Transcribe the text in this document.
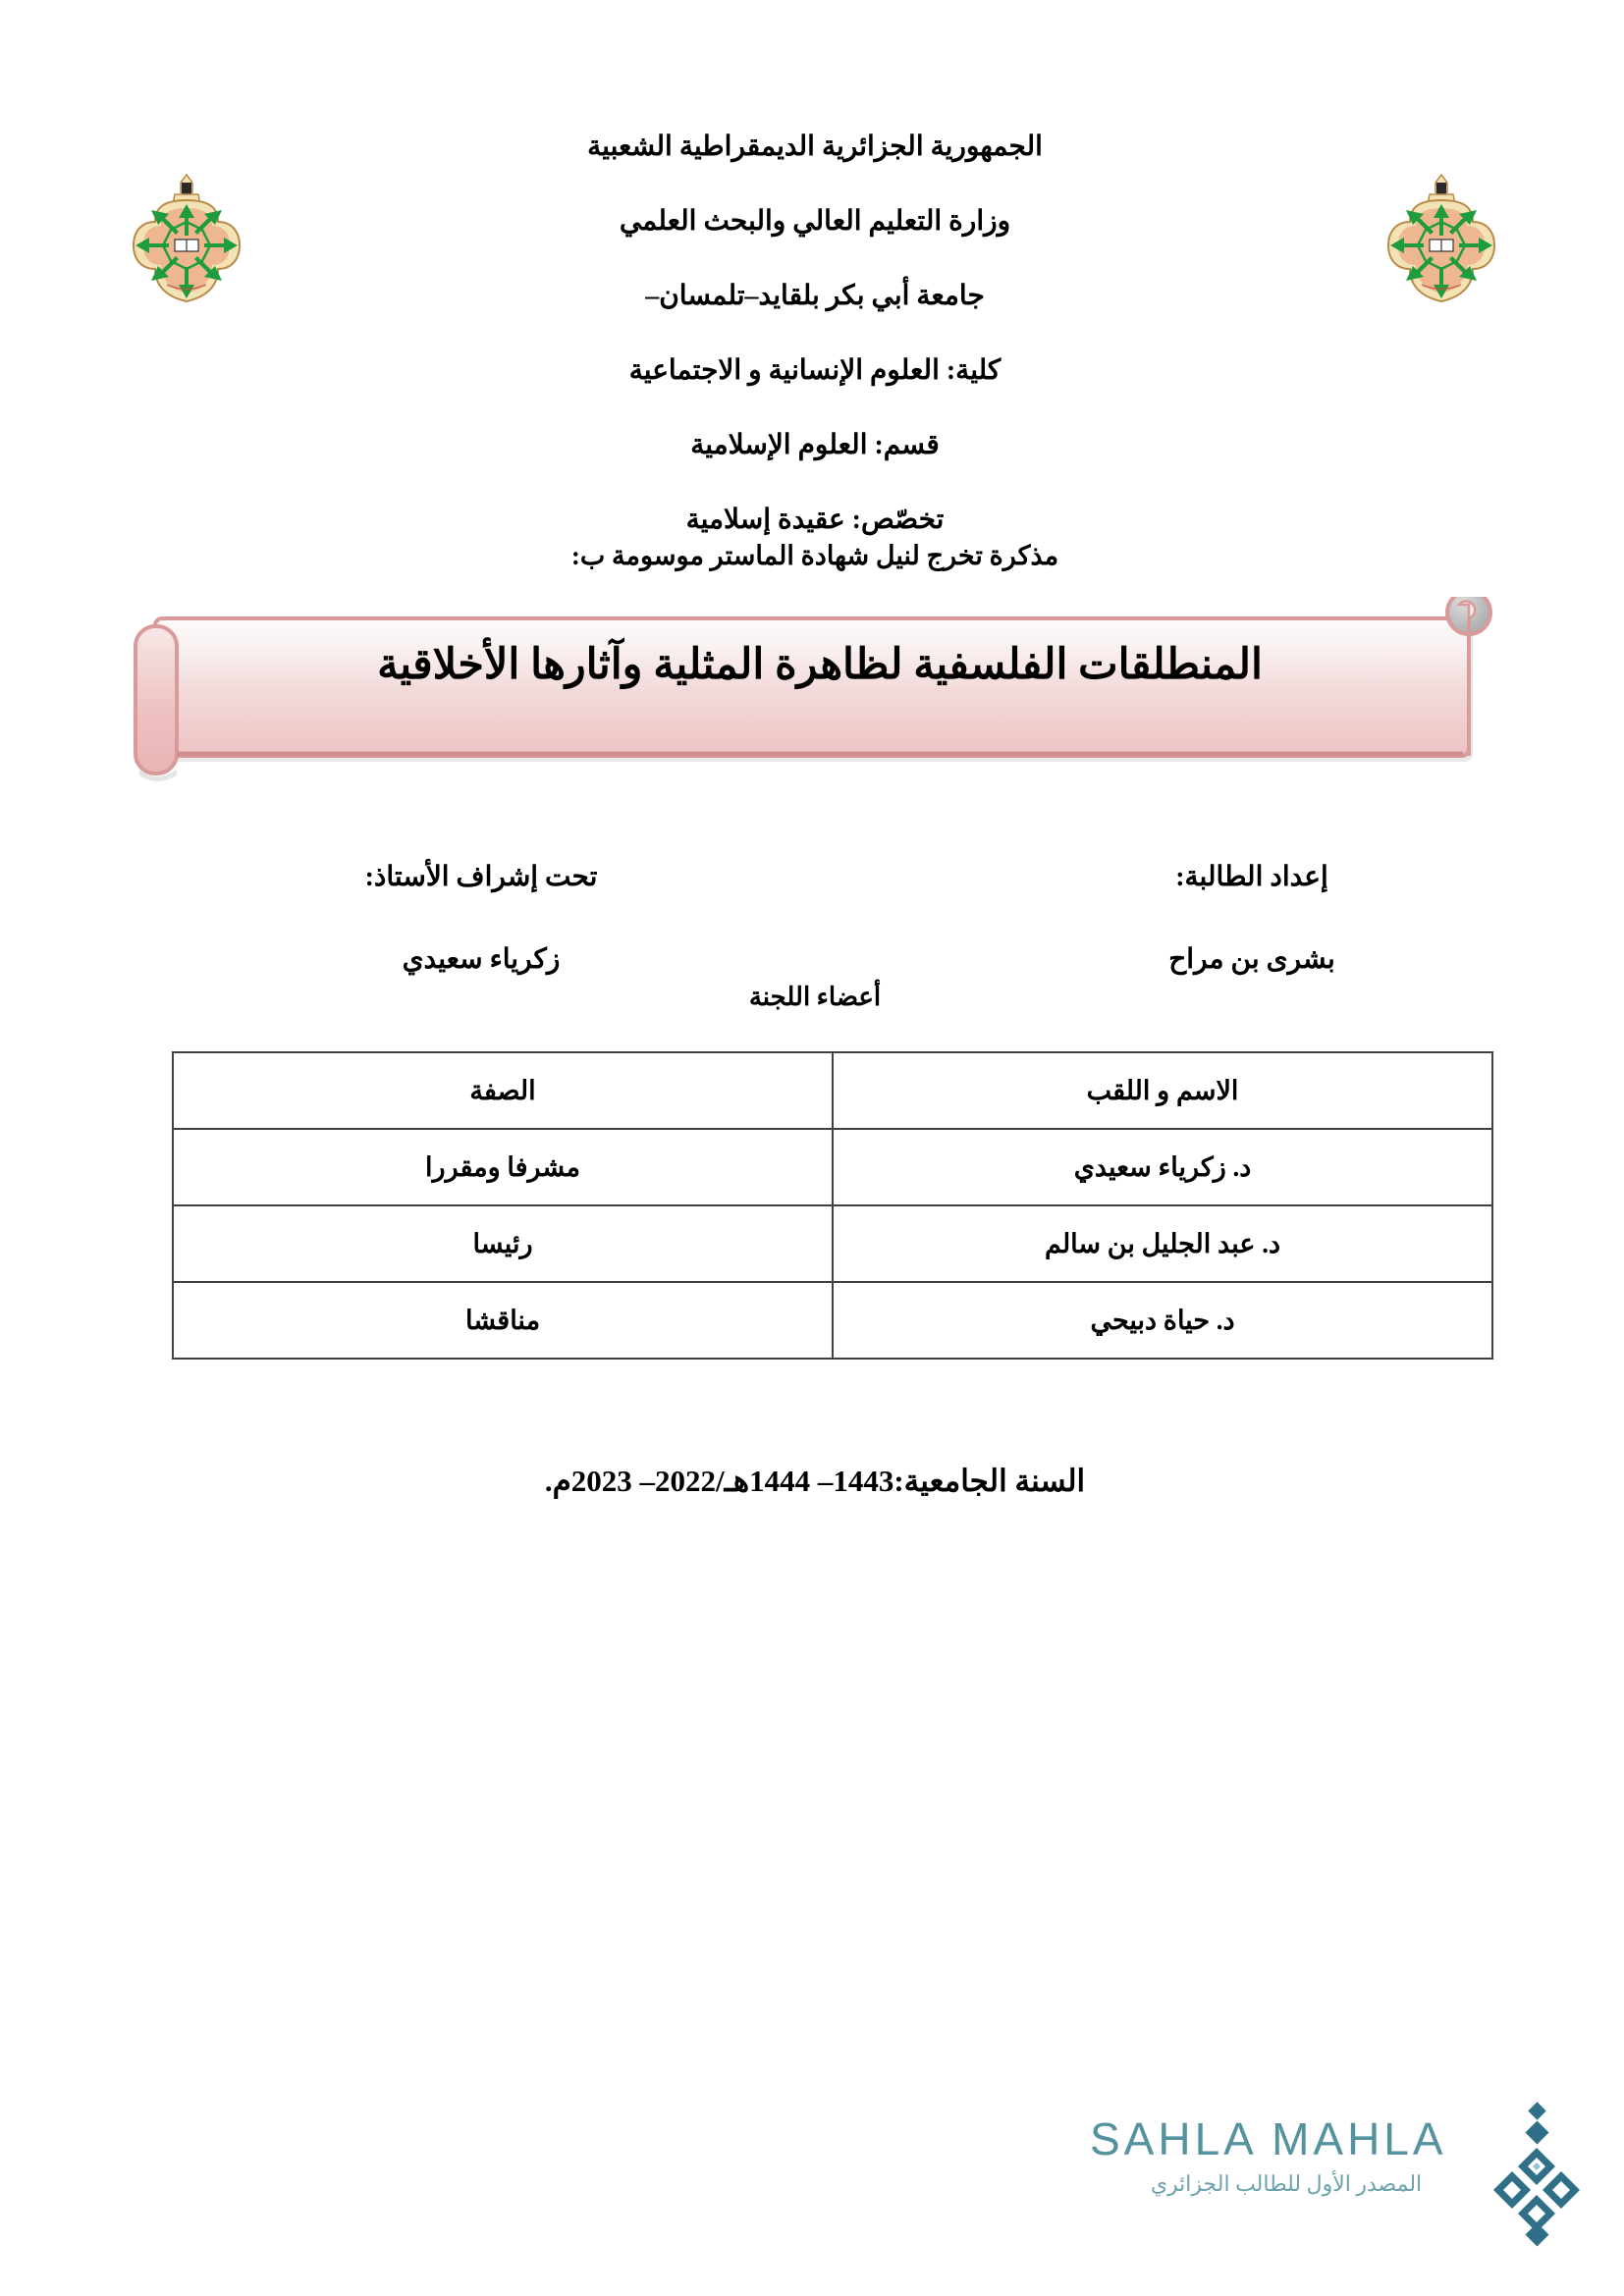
الجمهورية الجزائرية الديمقراطية الشعبية
وزارة التعليم العالي والبحث العلمي
جامعة أبي بكر بلقايد–تلمسان–
كلية: العلوم الإنسانية و الاجتماعية
قسم: العلوم الإسلامية
تخصّص: عقيدة إسلامية
مذكرة تخرج لنيل شهادة الماستر موسومة ب:
المنطلقات الفلسفية لظاهرة المثلية وآثارها الأخلاقية
إعداد الطالبة:
بشرى بن مراح
تحت إشراف الأستاذ:
زكرياء سعيدي
أعضاء اللجنة
الاسم و اللقب	الصفة
د. زكرياء سعيدي	مشرفا ومقررا
د. عبد الجليل بن سالم	رئيسا
د. حياة دبيحي	مناقشا
السنة الجامعية:1443– 1444هـ/2022– 2023م.
SAHLA MAHLA
المصدر الأول للطالب الجزائري
